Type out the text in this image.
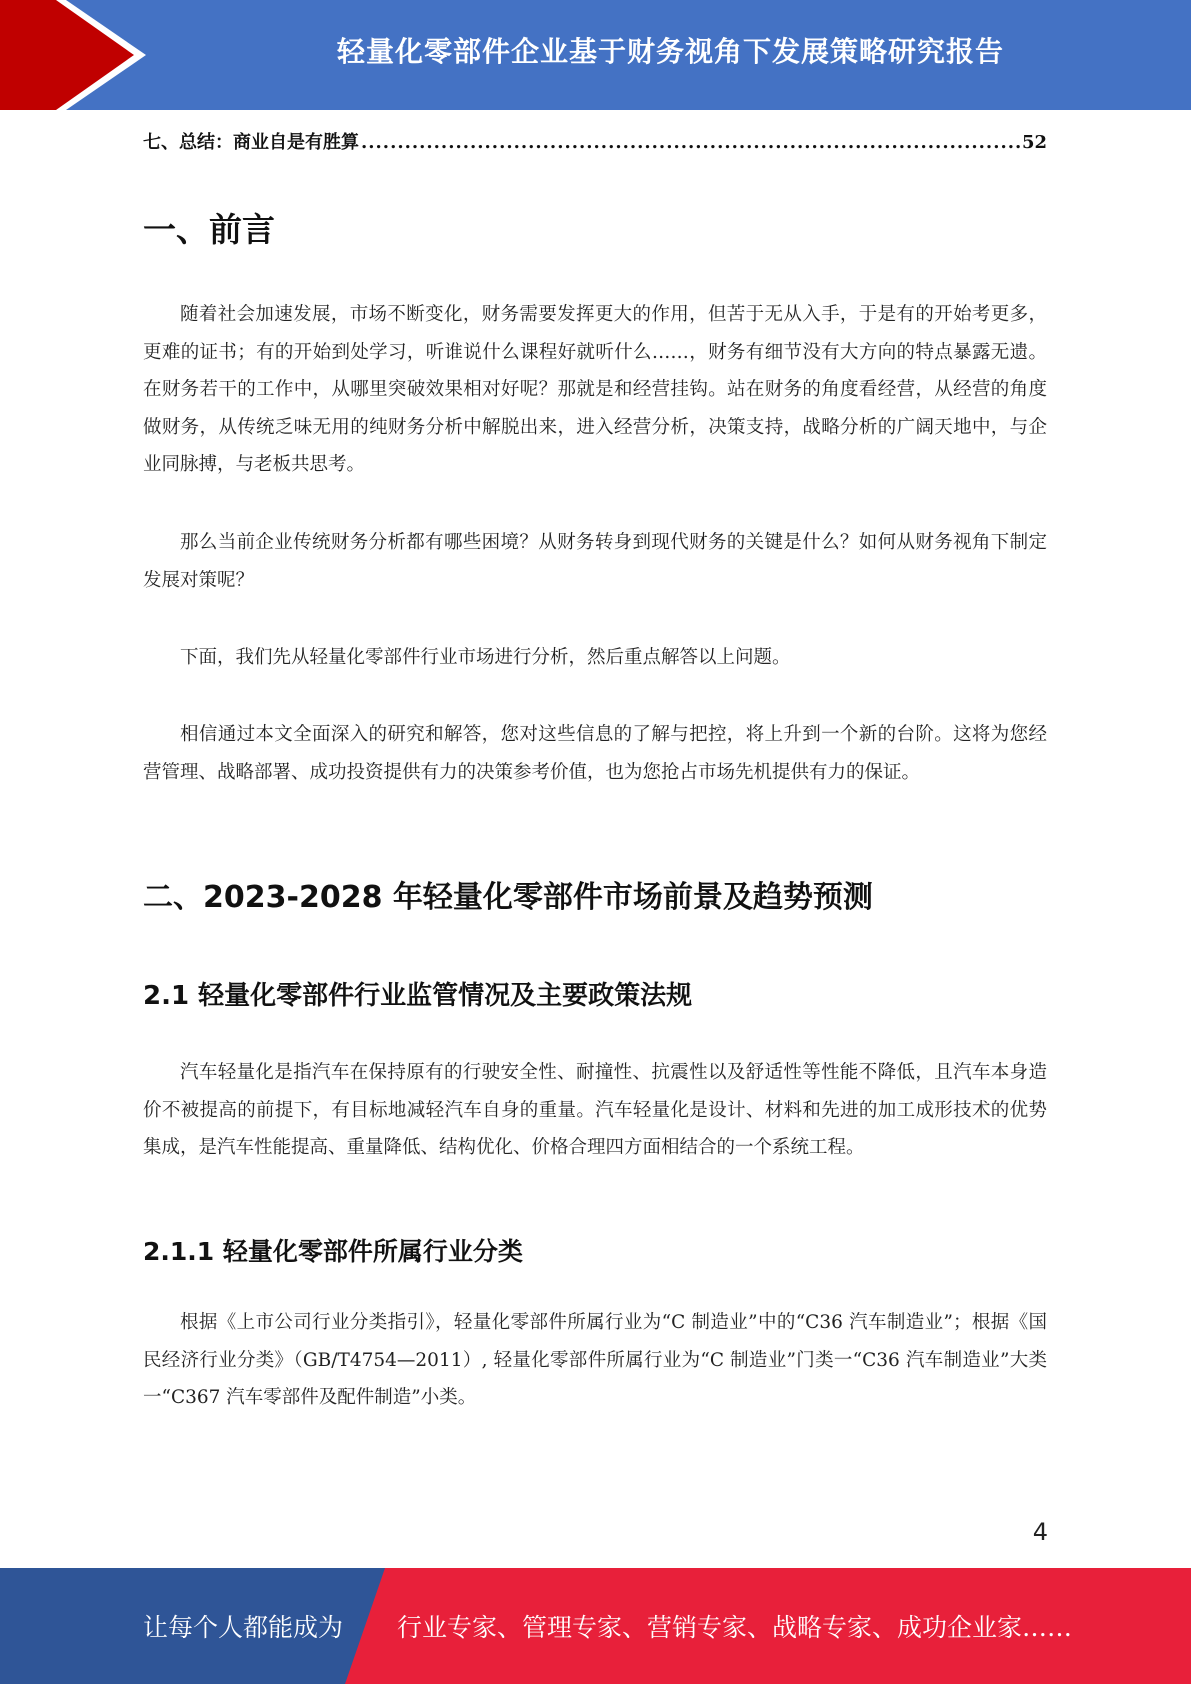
轻量化零部件企业基于财务视角下发展策略研究报告
七、总结：商业自是有胜算
.....	52
一、前言

随着社会加速发展，市场不断变化，财务需要发挥更大的作用，但苦于无从入手，于是有的开始考更多，更难的证书；有的开始到处学习，听谁说什么课程好就听什么……，财务有细节没有大方向的特点暴露无遗。在财务若干的工作中，从哪里突破效果相对好呢？那就是和经营挂钩。站在财务的角度看经营，从经营的角度做财务，从传统乏味无用的纯财务分析中解脱出来，进入经营分析，决策支持，战略分析的广阔天地中，与企业同脉搏，与老板共思考。

那么当前企业传统财务分析都有哪些困境？从财务转身到现代财务的关键是什么？如何从财务视角下制定发展对策呢？

下面，我们先从轻量化零部件行业市场进行分析，然后重点解答以上问题。

相信通过本文全面深入的研究和解答，您对这些信息的了解与把控，将上升到一个新的台阶。这将为您经营管理、战略部署、成功投资提供有力的决策参考价值，也为您抢占市场先机提供有力的保证。

二、2023-2028 年轻量化零部件市场前景及趋势预测
2.1 轻量化零部件行业监管情况及主要政策法规

汽车轻量化是指汽车在保持原有的行驶安全性、耐撞性、抗震性以及舒适性等性能不降低，且汽车本身造价不被提高的前提下，有目标地减轻汽车自身的重量。汽车轻量化是设计、材料和先进的加工成形技术的优势集成，是汽车性能提高、重量降低、结构优化、价格合理四方面相结合的一个系统工程。

2.1.1 轻量化零部件所属行业分类

根据《上市公司行业分类指引》，轻量化零部件所属行业为“C 制造业”中的“C36 汽车制造业”；根据《国民经济行业分类》（GB/T4754—2011）, 轻量化零部件所属行业为“C 制造业”门类一“C36 汽车制造业”大类一“C367 汽车零部件及配件制造”小类。

4
让每个人都能成为 行业专家、管理专家、营销专家、战略专家、成功企业家……
